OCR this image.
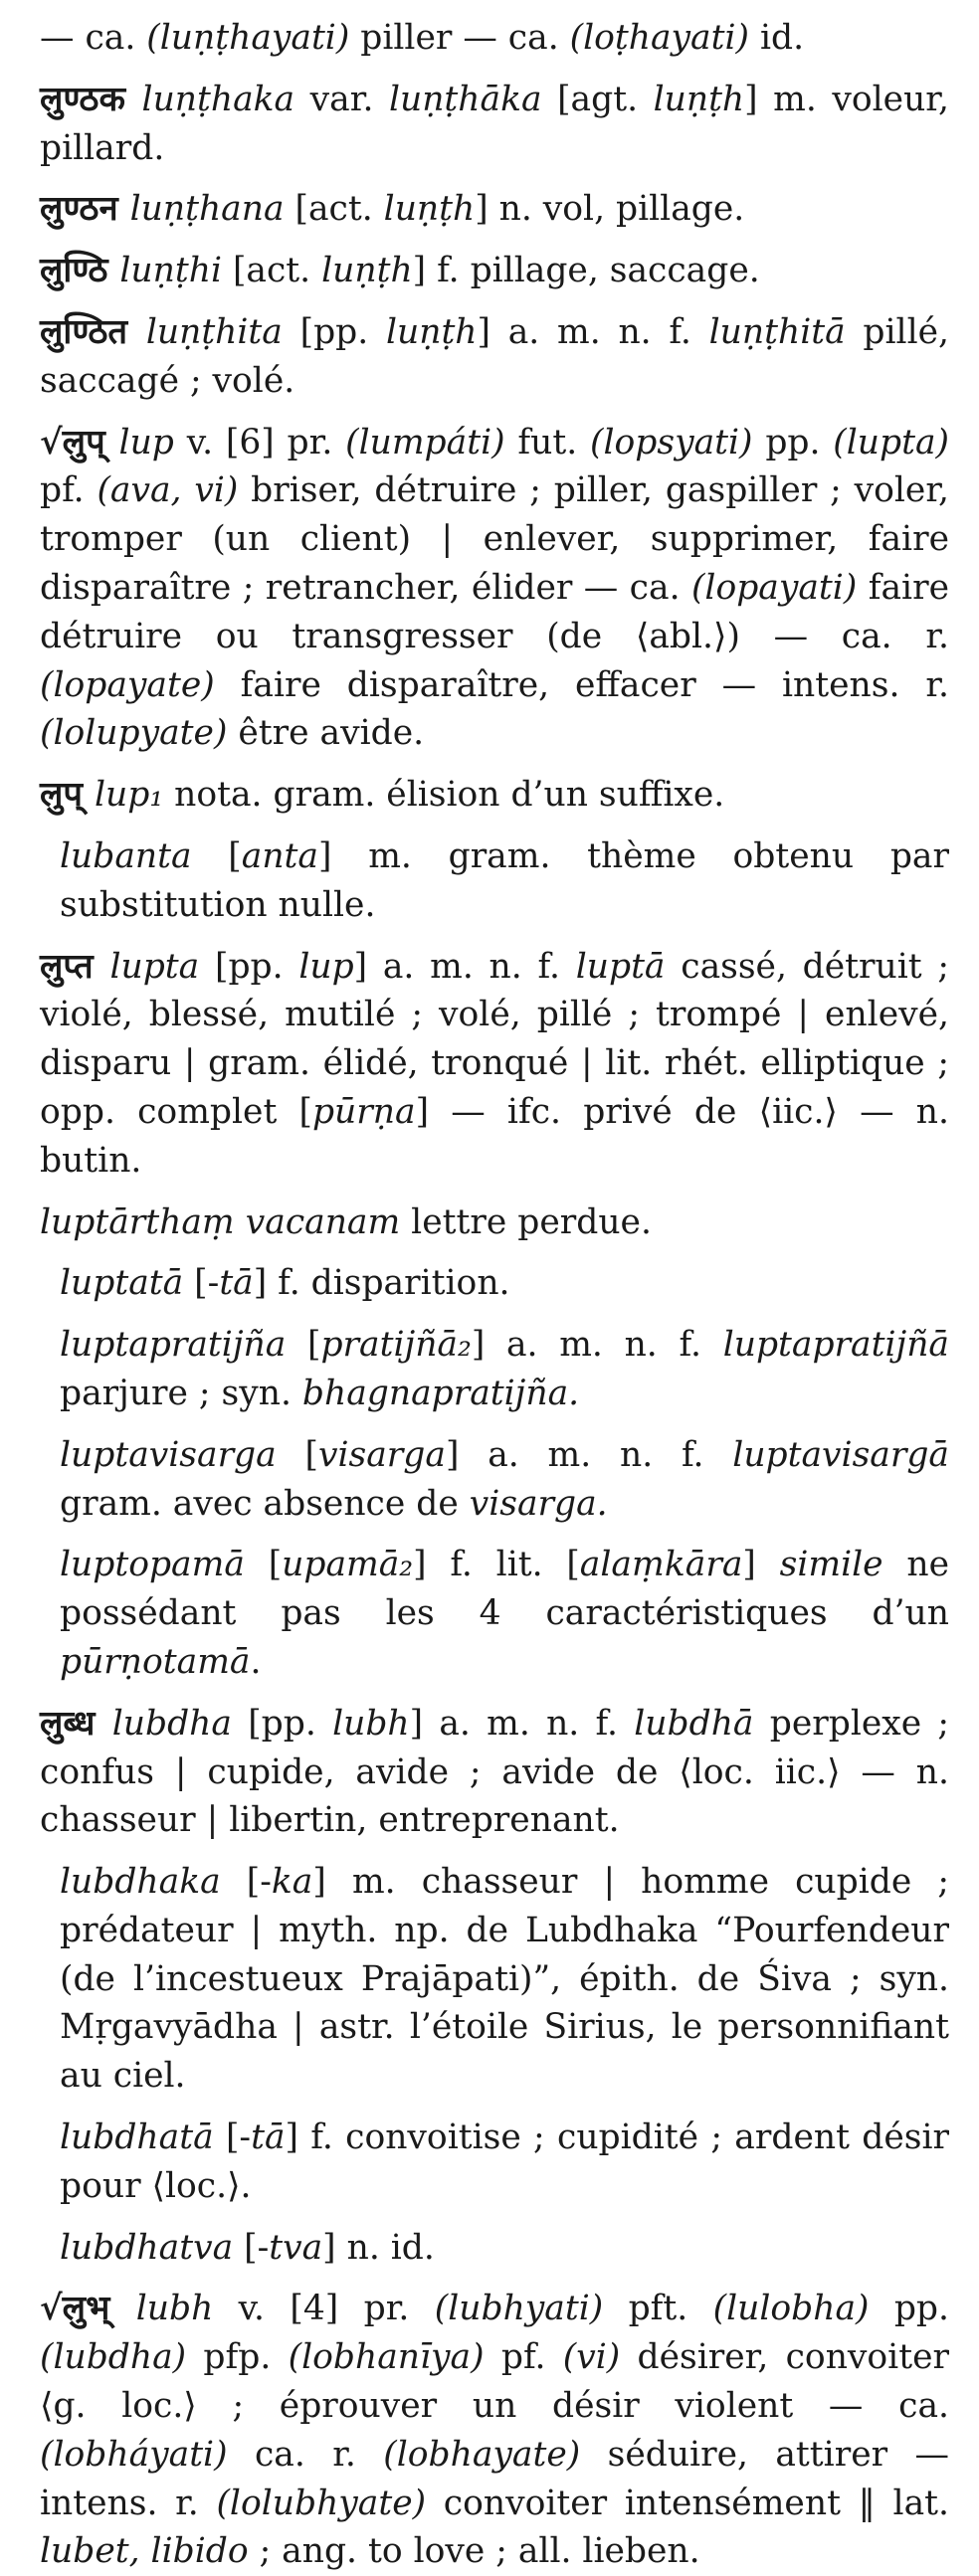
— ca. (luṇṭhayati) piller — ca. (loṭhayati) id.

लुण्ठक luṇṭhaka var. luṇṭhāka [agt. luṇṭh] m. voleur, pillard.

लुण्ठन luṇṭhana [act. luṇṭh] n. vol, pillage.

लुण्ठि luṇṭhi [act. luṇṭh] f. pillage, saccage.

लुण्ठित luṇṭhita [pp. luṇṭh] a. m. n. f. luṇṭhitā pillé, saccagé ; volé.

√लुप् lup v. [6] pr. (lumpáti) fut. (lopsyati) pp. (lupta) pf. (ava, vi) briser, détruire ; piller, gaspiller ; voler, tromper (un client) | enlever, supprimer, faire disparaître ; retrancher, élider — ca. (lopayati) faire détruire ou transgresser (de ⟨abl.⟩) — ca. r. (lopayate) faire disparaître, effacer — intens. r. (lolupyate) être avide.

लुप् lup₁ nota. gram. élision d’un suffixe.

lubanta [anta] m. gram. thème obtenu par substitution nulle.

लुप्त lupta [pp. lup] a. m. n. f. luptā cassé, détruit ; violé, blessé, mutilé ; volé, pillé ; trompé | enlevé, disparu | gram. élidé, tronqué | lit. rhét. elliptique ; opp. complet [pūrṇa] — ifc. privé de ⟨iic.⟩ — n. butin.

luptārthaṃ vacanam lettre perdue.

luptatā [-tā] f. disparition.

luptapratijña [pratijñā₂] a. m. n. f. luptapratijñā parjure ; syn. bhagnapratijña.

luptavisarga [visarga] a. m. n. f. luptavisargā gram. avec absence de visarga.

luptopamā [upamā₂] f. lit. [alaṃkāra] simile ne possédant pas les 4 caractéristiques d’un pūrṇotamā.

लुब्ध lubdha [pp. lubh] a. m. n. f. lubdhā perplexe ; confus | cupide, avide ; avide de ⟨loc. iic.⟩ — n. chasseur | libertin, entreprenant.

lubdhaka [-ka] m. chasseur | homme cupide ; prédateur | myth. np. de Lubdhaka “Pourfendeur (de l’incestueux Prajāpati)”, épith. de Śiva ; syn. Mṛgavyādha | astr. l’étoile Sirius, le personnifiant au ciel.

lubdhatā [-tā] f. convoitise ; cupidité ; ardent désir pour ⟨loc.⟩.

lubdhatva [-tva] n. id.

√लुभ् lubh v. [4] pr. (lubhyati) pft. (lulobha) pp. (lubdha) pfp. (lobhanīya) pf. (vi) désirer, convoiter ⟨g. loc.⟩ ; éprouver un désir violent — ca. (lobháyati) ca. r. (lobhayate) séduire, attirer — intens. r. (lolubhyate) convoiter intensément ‖ lat. lubet, libido ; ang. to love ; all. lieben.
